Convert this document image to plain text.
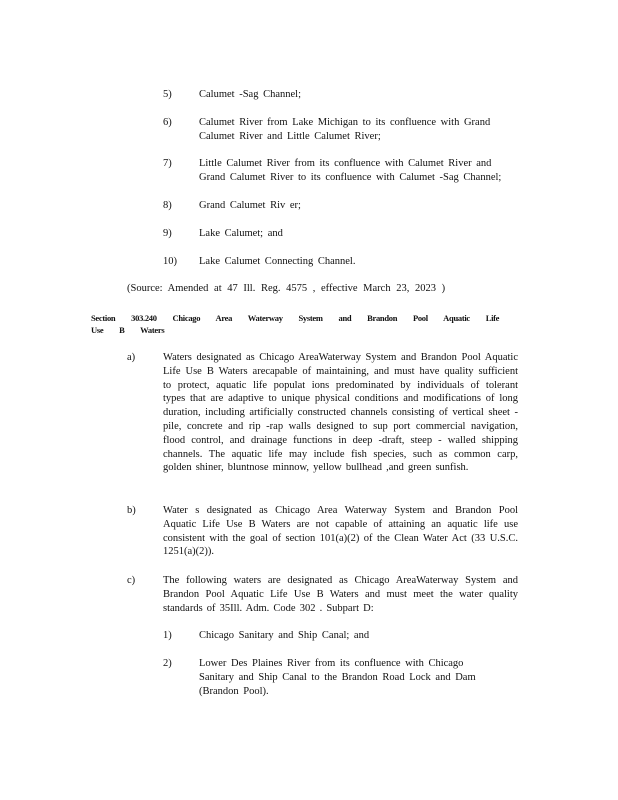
5)	Calumet -Sag Channel;
6)	Calumet River from Lake Michigan to its confluence with Grand Calumet River and Little Calumet River;
7)	Little Calumet River from its confluence with Calumet River and Grand Calumet River to its confluence with Calumet -Sag Channel;
8)	Grand Calumet Riv er;
9)	Lake Calumet; and
10) Lake Calumet Connecting Channel.
(Source: Amended at 47 Ill. Reg. 4575 , effective March 23, 2023 )
Section 303.240 Chicago Area Waterway System and Brandon Pool Aquatic Life Use B Waters
a)	Waters designated as Chicago AreaWaterway System and Brandon Pool Aquatic Life Use B Waters arecapable of maintaining, and must have quality sufficient to protect, aquatic life populat ions predominated by individuals of tolerant types that are adaptive to unique physical conditions and modifications of long duration, including artificially constructed channels consisting of vertical sheet -pile, concrete and rip -rap walls designed to sup port commercial navigation, flood control, and drainage functions in deep -draft, steep - walled shipping channels. The aquatic life may include fish species, such as common carp, golden shiner, bluntnose minnow, yellow bullhead ,and green sunfish.
b)	Water s designated as Chicago Area Waterway System and Brandon Pool Aquatic Life Use B Waters are not capable of attaining an aquatic life use consistent with the goal of section 101(a)(2) of the Clean Water Act (33 U.S.C. 1251(a)(2)).
c)	The following waters are designated as Chicago AreaWaterway System and Brandon Pool Aquatic Life Use B Waters and must meet the water quality standards of 35Ill. Adm. Code 302 . Subpart D:
1)	Chicago Sanitary and Ship Canal; and
2)	Lower Des Plaines River from its confluence with Chicago Sanitary and Ship Canal to the Brandon Road Lock and Dam (Brandon Pool).
